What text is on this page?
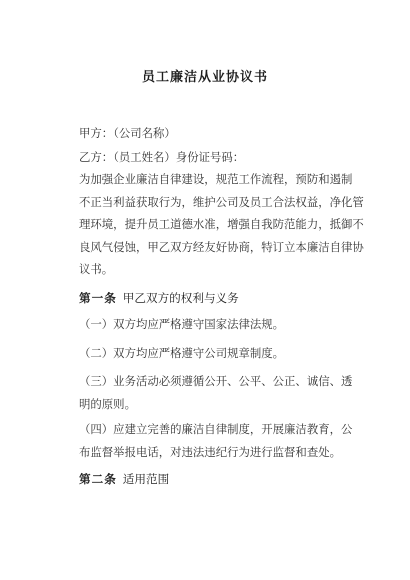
员工廉洁从业协议书
甲方：（公司名称）
乙方：（员工姓名）身份证号码：
为加强企业廉洁自律建设，规范工作流程，预防和遏制
不正当利益获取行为，维护公司及员工合法权益，净化管
理环境，提升员工道德水准，增强自我防范能力，抵御不
良风气侵蚀，甲乙双方经友好协商，特订立本廉洁自律协
议书。
第一条 甲乙双方的权利与义务
（一）双方均应严格遵守国家法律法规。
（二）双方均应严格遵守公司规章制度。
（三）业务活动必须遵循公开、公平、公正、诚信、透
明的原则。
（四）应建立完善的廉洁自律制度，开展廉洁教育，公
布监督举报电话，对违法违纪行为进行监督和查处。
第二条 适用范围
